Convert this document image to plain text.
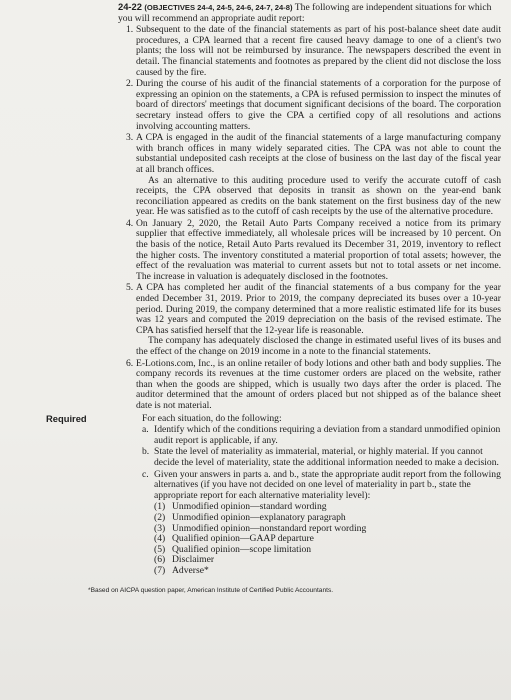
24-22 (OBJECTIVES 24-4, 24-5, 24-6, 24-7, 24-8) The following are independent situations for which you will recommend an appropriate audit report:
1. Subsequent to the date of the financial statements as part of his post-balance sheet date audit procedures, a CPA learned that a recent fire caused heavy damage to one of a client's two plants; the loss will not be reimbursed by insurance. The newspapers described the event in detail. The financial statements and footnotes as prepared by the client did not disclose the loss caused by the fire.
2. During the course of his audit of the financial statements of a corporation for the purpose of expressing an opinion on the statements, a CPA is refused permission to inspect the minutes of board of directors' meetings that document significant decisions of the board. The corporation secretary instead offers to give the CPA a certified copy of all resolutions and actions involving accounting matters.
3. A CPA is engaged in the audit of the financial statements of a large manufacturing company with branch offices in many widely separated cities. The CPA was not able to count the substantial undeposited cash receipts at the close of business on the last day of the fiscal year at all branch offices.
As an alternative to this auditing procedure used to verify the accurate cutoff of cash receipts, the CPA observed that deposits in transit as shown on the year-end bank reconciliation appeared as credits on the bank statement on the first business day of the new year. He was satisfied as to the cutoff of cash receipts by the use of the alternative procedure.
4. On January 2, 2020, the Retail Auto Parts Company received a notice from its primary supplier that effective immediately, all wholesale prices will be increased by 10 percent. On the basis of the notice, Retail Auto Parts revalued its December 31, 2019, inventory to reflect the higher costs. The inventory constituted a material proportion of total assets; however, the effect of the revaluation was material to current assets but not to total assets or net income. The increase in valuation is adequately disclosed in the footnotes.
5. A CPA has completed her audit of the financial statements of a bus company for the year ended December 31, 2019. Prior to 2019, the company depreciated its buses over a 10-year period. During 2019, the company determined that a more realistic estimated life for its buses was 12 years and computed the 2019 depreciation on the basis of the revised estimate. The CPA has satisfied herself that the 12-year life is reasonable.
The company has adequately disclosed the change in estimated useful lives of its buses and the effect of the change on 2019 income in a note to the financial statements.
6. E-Lotions.com, Inc., is an online retailer of body lotions and other bath and body supplies. The company records its revenues at the time customer orders are placed on the website, rather than when the goods are shipped, which is usually two days after the order is placed. The auditor determined that the amount of orders placed but not shipped as of the balance sheet date is not material.
Required	For each situation, do the following:
a. Identify which of the conditions requiring a deviation from a standard unmodified opinion audit report is applicable, if any.
b. State the level of materiality as immaterial, material, or highly material. If you cannot decide the level of materiality, state the additional information needed to make a decision.
c. Given your answers in parts a. and b., state the appropriate audit report from the following alternatives (if you have not decided on one level of materiality in part b., state the appropriate report for each alternative materiality level):
(1) Unmodified opinion—standard wording
(2) Unmodified opinion—explanatory paragraph
(3) Unmodified opinion—nonstandard report wording
(4) Qualified opinion—GAAP departure
(5) Qualified opinion—scope limitation
(6) Disclaimer
(7) Adverse*
*Based on AICPA question paper, American Institute of Certified Public Accountants.
